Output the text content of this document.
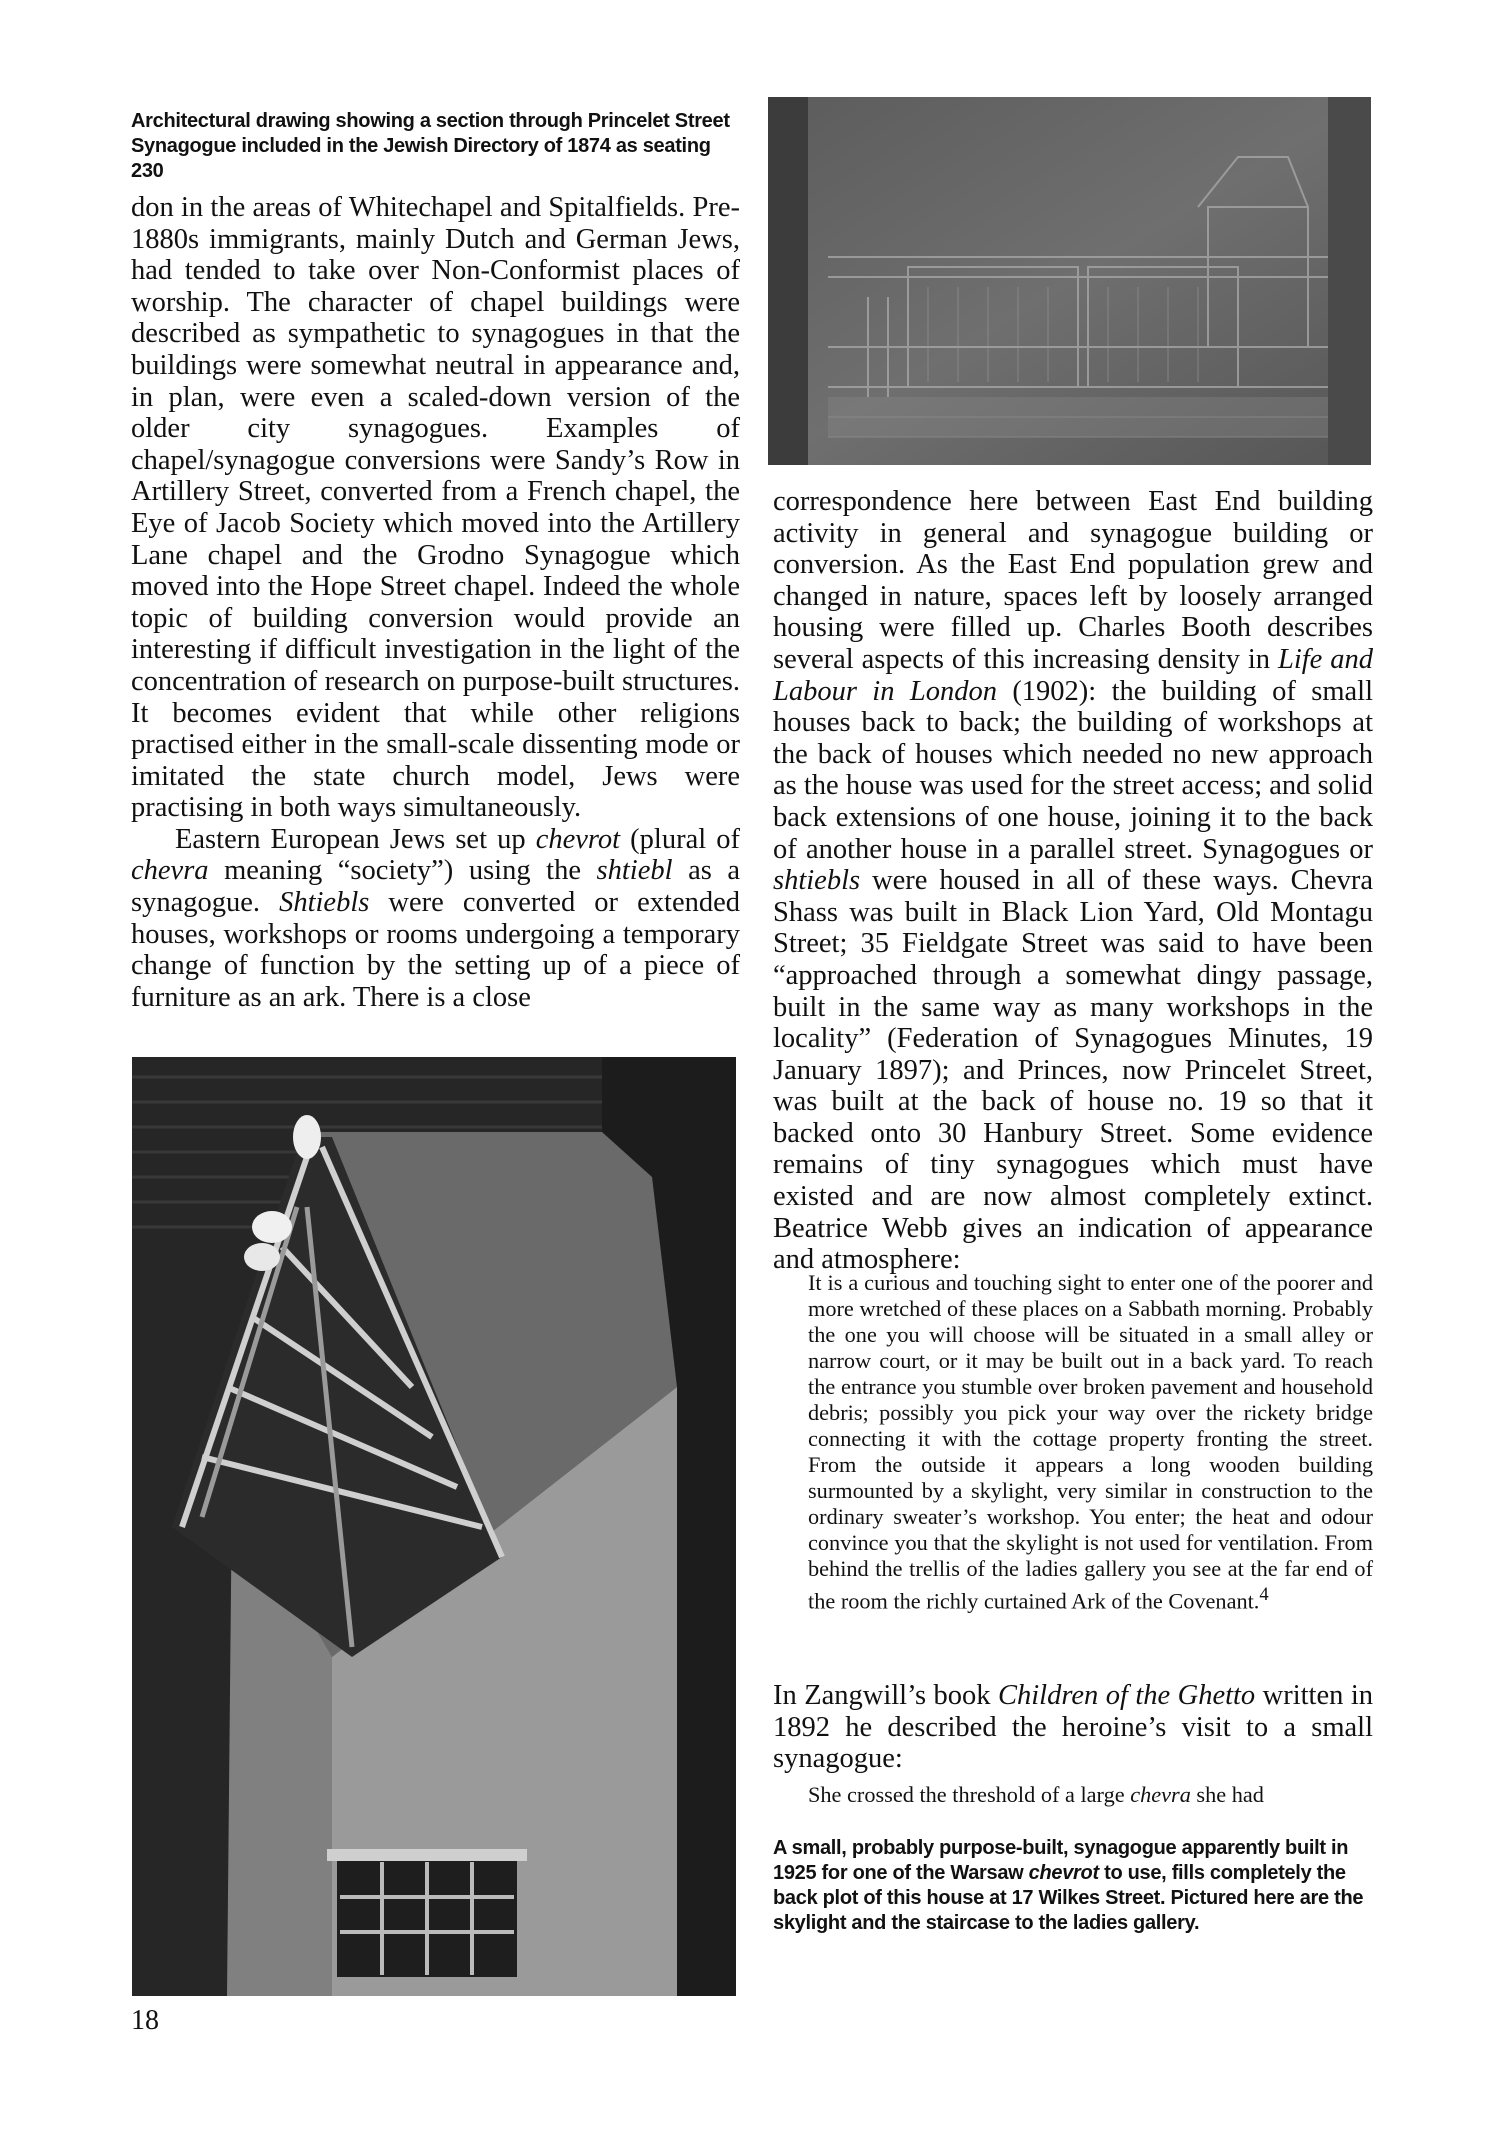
Architectural drawing showing a section through Princelet Street Synagogue included in the Jewish Directory of 1874 as seating 230

don in the areas of Whitechapel and Spitalfields. Pre-1880s immigrants, mainly Dutch and German Jews, had tended to take over Non-Conformist places of worship. The character of chapel buildings were described as sympathetic to synagogues in that the buildings were somewhat neutral in appearance and, in plan, were even a scaled-down version of the older city synagogues. Examples of chapel/synagogue conversions were Sandy’s Row in Artillery Street, converted from a French chapel, the Eye of Jacob Society which moved into the Artillery Lane chapel and the Grodno Synagogue which moved into the Hope Street chapel. Indeed the whole topic of building conversion would provide an interesting if difficult investigation in the light of the concentration of research on purpose-built structures. It becomes evident that while other religions practised either in the small-scale dissenting mode or imitated the state church model, Jews were practising in both ways simultaneously.

Eastern European Jews set up chevrot (plural of chevra meaning “society”) using the shtiebl as a synagogue. Shtiebls were converted or extended houses, workshops or rooms undergoing a temporary change of function by the setting up of a piece of furniture as an ark. There is a close

correspondence here between East End building activity in general and synagogue building or conversion. As the East End population grew and changed in nature, spaces left by loosely arranged housing were filled up. Charles Booth describes several aspects of this increasing density in Life and Labour in London (1902): the building of small houses back to back; the building of workshops at the back of houses which needed no new approach as the house was used for the street access; and solid back extensions of one house, joining it to the back of another house in a parallel street. Synagogues or shtiebls were housed in all of these ways. Chevra Shass was built in Black Lion Yard, Old Montagu Street; 35 Fieldgate Street was said to have been “approached through a somewhat dingy passage, built in the same way as many workshops in the locality” (Federation of Synagogues Minutes, 19 January 1897); and Princes, now Princelet Street, was built at the back of house no. 19 so that it backed onto 30 Hanbury Street. Some evidence remains of tiny synagogues which must have existed and are now almost completely extinct. Beatrice Webb gives an indication of appearance and atmosphere:

It is a curious and touching sight to enter one of the poorer and more wretched of these places on a Sabbath morning. Probably the one you will choose will be situated in a small alley or narrow court, or it may be built out in a back yard. To reach the entrance you stumble over broken pavement and household debris; possibly you pick your way over the rickety bridge connecting it with the cottage property fronting the street. From the outside it appears a long wooden building surmounted by a skylight, very similar in construction to the ordinary sweater’s workshop. You enter; the heat and odour convince you that the skylight is not used for ventilation. From behind the trellis of the ladies gallery you see at the far end of the room the richly curtained Ark of the Covenant.$^4$

In Zangwill’s book Children of the Ghetto written in 1892 he described the heroine’s visit to a small synagogue:

She crossed the threshold of a large chevra she had
A small, probably purpose-built, synagogue apparently built in 1925 for one of the Warsaw chevrot to use, fills completely the back plot of this house at 17 Wilkes Street. Pictured here are the skylight and the staircase to the ladies gallery.
18
